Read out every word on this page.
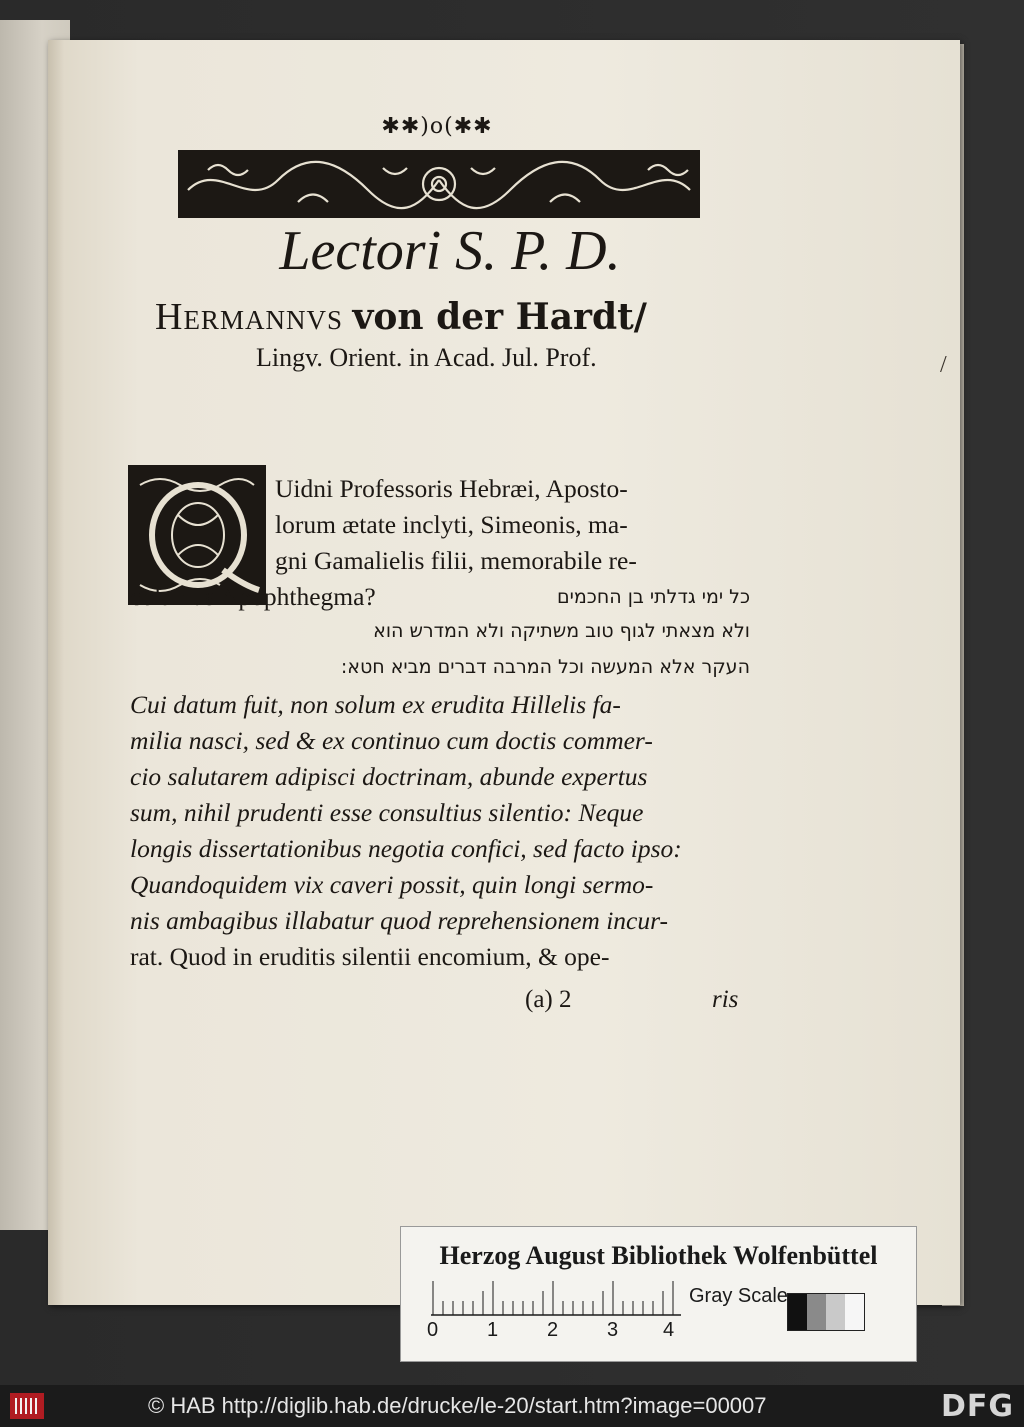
✱✱)o(✱✱
Lectori S. P. D.
Hermannvs von der Hardt/
Lingv. Orient. in Acad. Jul. Prof.	/
Uidni Professoris Hebræi, Aposto-
lorum ætate inclyti, Simeonis, ma-
gni Gamalielis filii, memorabile re-
colamus Apophthegma?	כל ימי גדלתי בן החכמים
ולא מצאתי לגוף טוב משתיקה ולא המדרש הוא
העקר אלא המעשה וכל המרבה דברים מביא חטא:
Cui datum fuit, non solum ex erudita Hillelis fa-
milia nasci, sed & ex continuo cum doctis commer-
cio salutarem adipisci doctrinam, abunde expertus
sum, nihil prudenti esse consultius silentio: Neque
longis dissertationibus negotia confici, sed facto ipso:
Quandoquidem vix caveri possit, quin longi sermo-
nis ambagibus illabatur quod reprehensionem incur-
rat. Quod in eruditis silentii encomium, & ope-
(a) 2	ris
Herzog August Bibliothek Wolfenbüttel
0 1 2 3 4
Gray Scale
© HAB http://diglib.hab.de/drucke/le-20/start.htm?image=00007	DFG
